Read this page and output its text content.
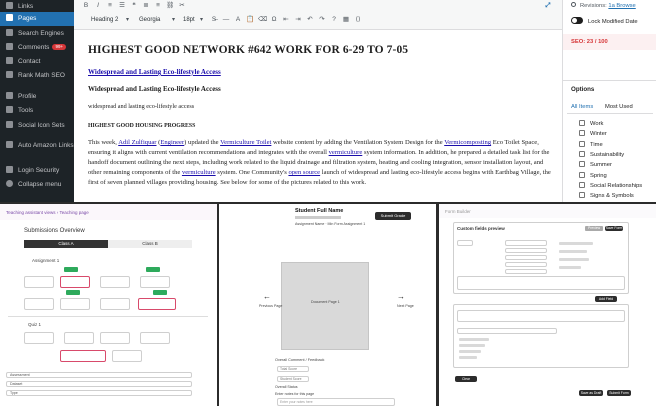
Links
Pages
Search Engines
Comments 99+
Contact
Rank Math SEO
Profile
Tools
Social Icon Sets
Auto Amazon Links
Login Security
Collapse menu
B	I	≡	☰	❝	≣	≡ ⛓ ✂	⤢
Heading 2 ▾	Georgia ▾	18pt ▾	S̶ — A 📋 ⌫ Ω ⇤ ⇥ ↶ ↷	?	▦ ⟨⟩
HIGHEST GOOD NETWORK #642 WORK FOR 6-29 TO 7-05
Widespread and Lasting Eco-lifestyle Access
Widespread and Lasting Eco-lifestyle Access
widespread and lasting eco-lifestyle access
HIGHEST GOOD HOUSING PROGRESS
This week, Adil Zulfiquar (Engineer) updated the Vermiculture Toilet website content by adding the Ventilation System Design for the Vermicomposting Eco Toilet Space, ensuring it aligns with current ventilation recommendations and integrates with the overall vermiculture system information. In addition, he prepared a detailed task list for the handoff document outlining the next steps, including work related to the liquid drainage and filtration system, heating and cooling integration, sensor installation layout, and other remaining components of the vermiculture system. One Community's open source launch of widespread and lasting eco-lifestyle access begins with Earthbag Village, the first of seven planned villages providing housing. See below for some of the pictures related to this work.
Revisions: 1a Browse
Lock Modified Date
SEO: 23 / 100
Options
All Items Most Used
Work
Winter
Time
Sustainability
Summer
Spring
Social Relationships
Signs & Symbols
Teaching assistant views › Teaching page
Submissions Overview
Class A	Class B
Assignment 1
Quiz 1
Assessment
Dataset
Type
Student Full Name
Assignment Name · Min Form Assignment 1
Submit Grade
Document Page 1
←
Previous Page
→
Next Page
Overall Comment / Feedback
Total Score
Student Score
Overall Status
Enter notes for this page
Enter your notes here
Form Builder
Custom fields preview	Preview	Save Form
Add Field
Clear
Save as Draft	Submit Form
